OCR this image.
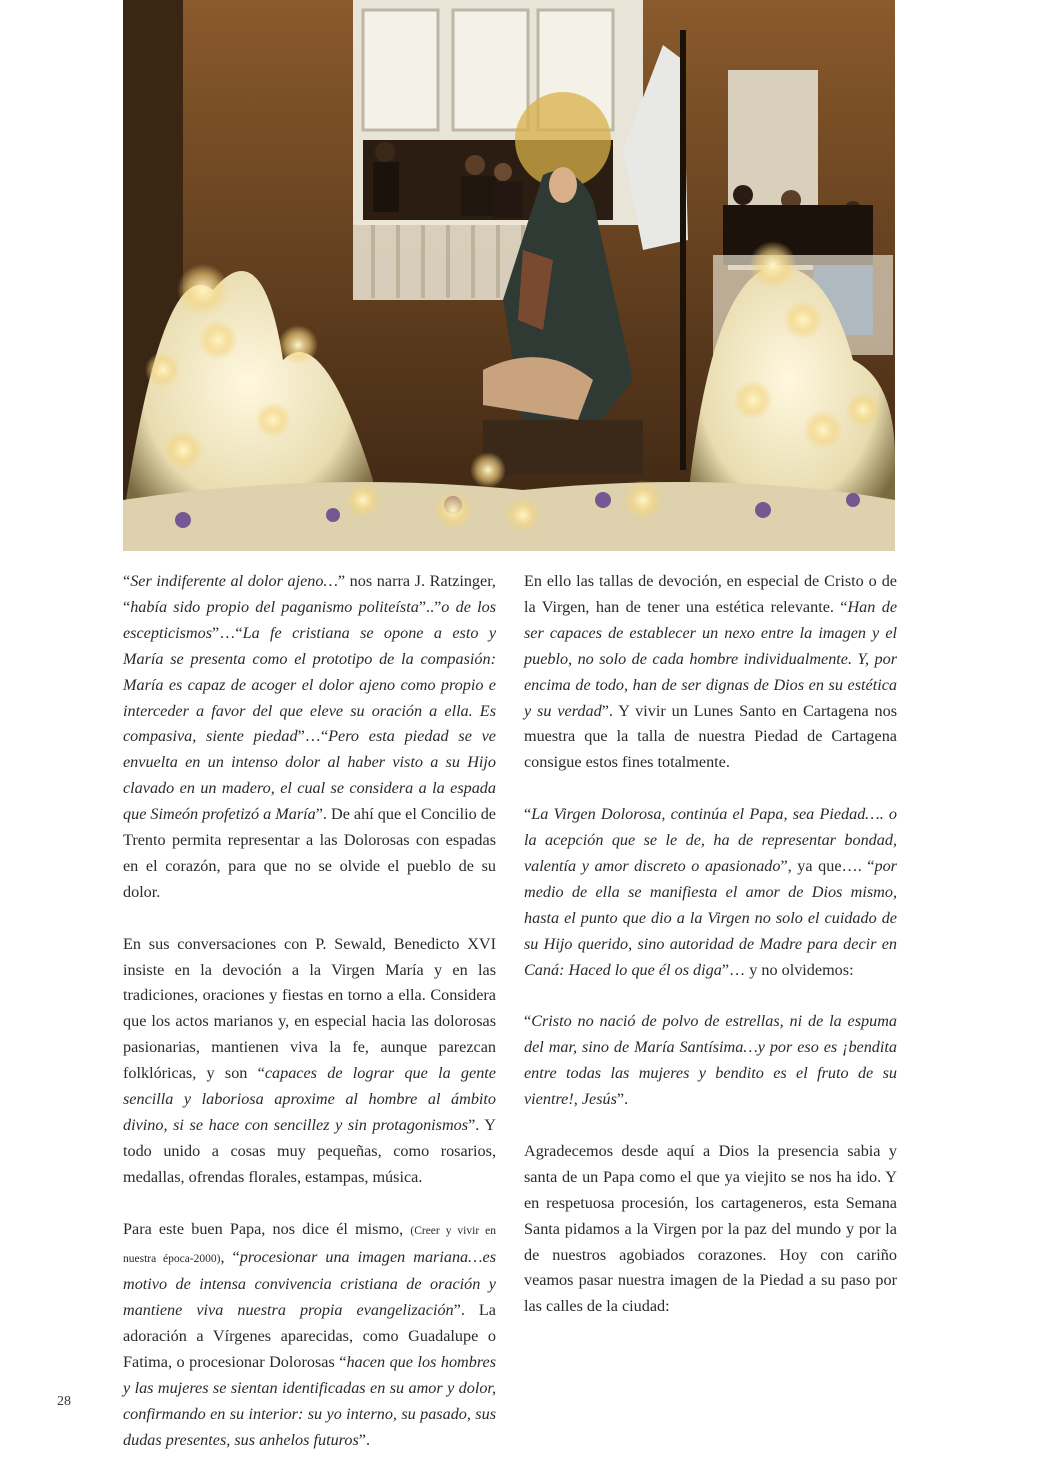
“Ser indiferente al dolor ajeno…” nos narra J. Ratzinger, “había sido propio del paganismo politeísta”..”o de los escepticismos”…“La fe cristiana se opone a esto y María se presenta como el prototipo de la compasión: María es capaz de acoger el dolor ajeno como propio e interceder a favor del que eleve su oración a ella. Es compasiva, siente piedad”…“Pero esta piedad se ve envuelta en un intenso dolor al haber visto a su Hijo clavado en un madero, el cual se considera a la espada que Simeón profetizó a María”. De ahí que el Concilio de Trento permita representar a las Dolorosas con espadas en el corazón, para que no se olvide el pueblo de su dolor.

En sus conversaciones con P. Sewald, Benedicto XVI insiste en la devoción a la Virgen María y en las tradiciones, oraciones y fiestas en torno a ella. Considera que los actos marianos y, en especial hacia las dolorosas pasionarias, mantienen viva la fe, aunque parezcan folklóricas, y son “capaces de lograr que la gente sencilla y laboriosa aproxime al hombre al ámbito divino, si se hace con sencillez y sin protagonismos”. Y todo unido a cosas muy pequeñas, como rosarios, medallas, ofrendas florales, estampas, música.

Para este buen Papa, nos dice él mismo, (Creer y vivir en nuestra época-2000), “procesionar una imagen mariana…es motivo de intensa convivencia cristiana de oración y mantiene viva nuestra propia evangelización”. La adoración a Vírgenes aparecidas, como Guadalupe o Fatima, o procesionar Dolorosas “hacen que los hombres y las mujeres se sientan identificadas en su amor y dolor, confirmando en su interior: su yo interno, su pasado, sus dudas presentes, sus anhelos futuros”.

En ello las tallas de devoción, en especial de Cristo o de la Virgen, han de tener una estética relevante. “Han de ser capaces de establecer un nexo entre la imagen y el pueblo, no solo de cada hombre individualmente. Y, por encima de todo, han de ser dignas de Dios en su estética y su verdad”. Y vivir un Lunes Santo en Cartagena nos muestra que la talla de nuestra Piedad de Cartagena consigue estos fines totalmente.

“La Virgen Dolorosa, continúa el Papa, sea Piedad…. o la acepción que se le de, ha de representar bondad, valentía y amor discreto o apasionado”, ya que…. “por medio de ella se manifiesta el amor de Dios mismo, hasta el punto que dio a la Virgen no solo el cuidado de su Hijo querido, sino autoridad de Madre para decir en Caná: Haced lo que él os diga”… y no olvidemos:

“Cristo no nació de polvo de estrellas, ni de la espuma del mar, sino de María Santísima…y por eso es ¡bendita entre todas las mujeres y bendito es el fruto de su vientre!, Jesús”.

Agradecemos desde aquí a Dios la presencia sabia y santa de un Papa como el que ya viejito se nos ha ido. Y en respetuosa procesión, los cartageneros, esta Semana Santa pidamos a la Virgen por la paz del mundo y por la de nuestros agobiados corazones. Hoy con cariño veamos pasar nuestra imagen de la Piedad a su paso por las calles de la ciudad:

28
